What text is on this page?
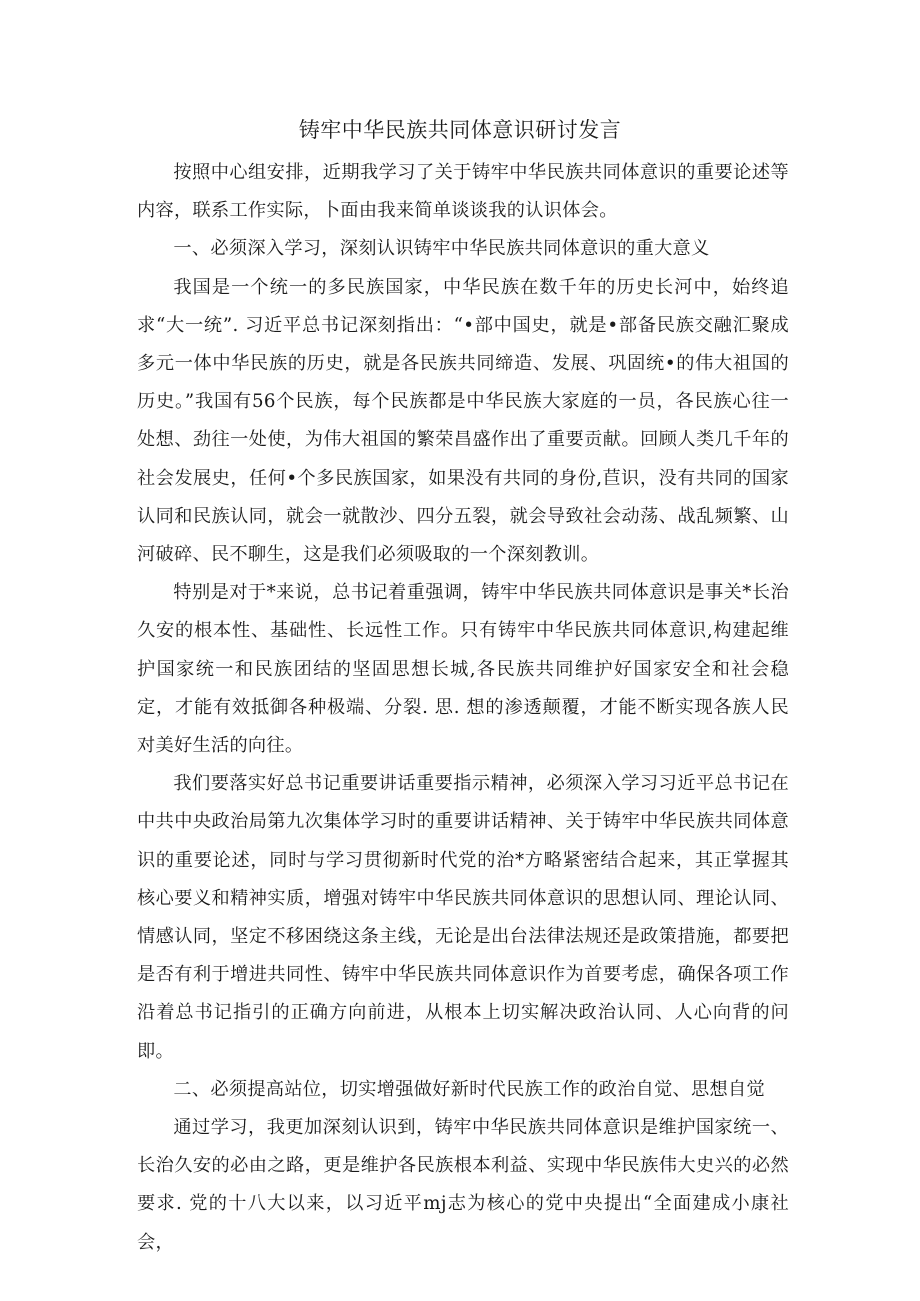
铸牢中华民族共同体意识研讨发言

按照中心组安排，近期我学习了关于铸牢中华民族共同体意识的重要论述等内容，联系工作实际，卜面由我来简单谈谈我的认识体会。

一、必须深入学习，深刻认识铸牢中华民族共同体意识的重大意义

我国是一个统一的多民族国家，中华民族在数千年的历史长河中，始终追求“大一统”. 习近平总书记深刻指出：“•部中国史，就是•部备民族交融汇聚成多元一体中华民族的历史，就是各民族共同缔造、发展、巩固统•的伟大祖国的历史。”我国有56个民族，每个民族都是中华民族大家庭的一员，各民族心往一处想、劲往一处使，为伟大祖国的繁荣昌盛作出了重要贡献。回顾人类几千年的社会发展史，任何•个多民族国家，如果没有共同的身份,苣识，没有共同的国家认同和民族认同，就会一就散沙、四分五裂，就会导致社会动荡、战乱频繁、山河破碎、民不聊生，这是我们必须吸取的一个深刻教训。

特别是对于*来说，总书记着重强调，铸牢中华民族共同体意识是事关*长治久安的根本性、基础性、长远性工作。只有铸牢中华民族共同体意识,构建起维护国家统一和民族团结的坚固思想长城,各民族共同维护好国家安全和社会稳定，才能有效抵御各种极端、分裂. 思. 想的渗透颠覆，才能不断实现各族人民对美好生活的向往。

我们要落实好总书记重要讲话重要指示精神，必须深入学习习近平总书记在中共中央政治局第九次集体学习时的重要讲话精神、关于铸牢中华民族共同体意识的重要论述，同时与学习贯彻新时代党的治*方略紧密结合起来，其正掌握其核心要义和精神实质，增强对铸牢中华民族共同体意识的思想认同、理论认同、情感认同，坚定不移困绕这条主线，无论是出台法律法规还是政策措施，都要把是否有利于增进共同性、铸牢中华民族共同体意识作为首要考虑，确保各项工作沿着总书记指引的正确方向前进，从根本上切实解决政治认同、人心向背的问即。

二、必须提高站位，切实增强做好新时代民族工作的政治自觉、思想自觉

通过学习，我更加深刻认识到，铸牢中华民族共同体意识是维护国家统一、长治久安的必由之路，更是维护各民族根本利益、实现中华民族伟大史兴的必然要求. 党的十八大以来，以习近平mj志为核心的党中央提出“全面建成小康社会，
